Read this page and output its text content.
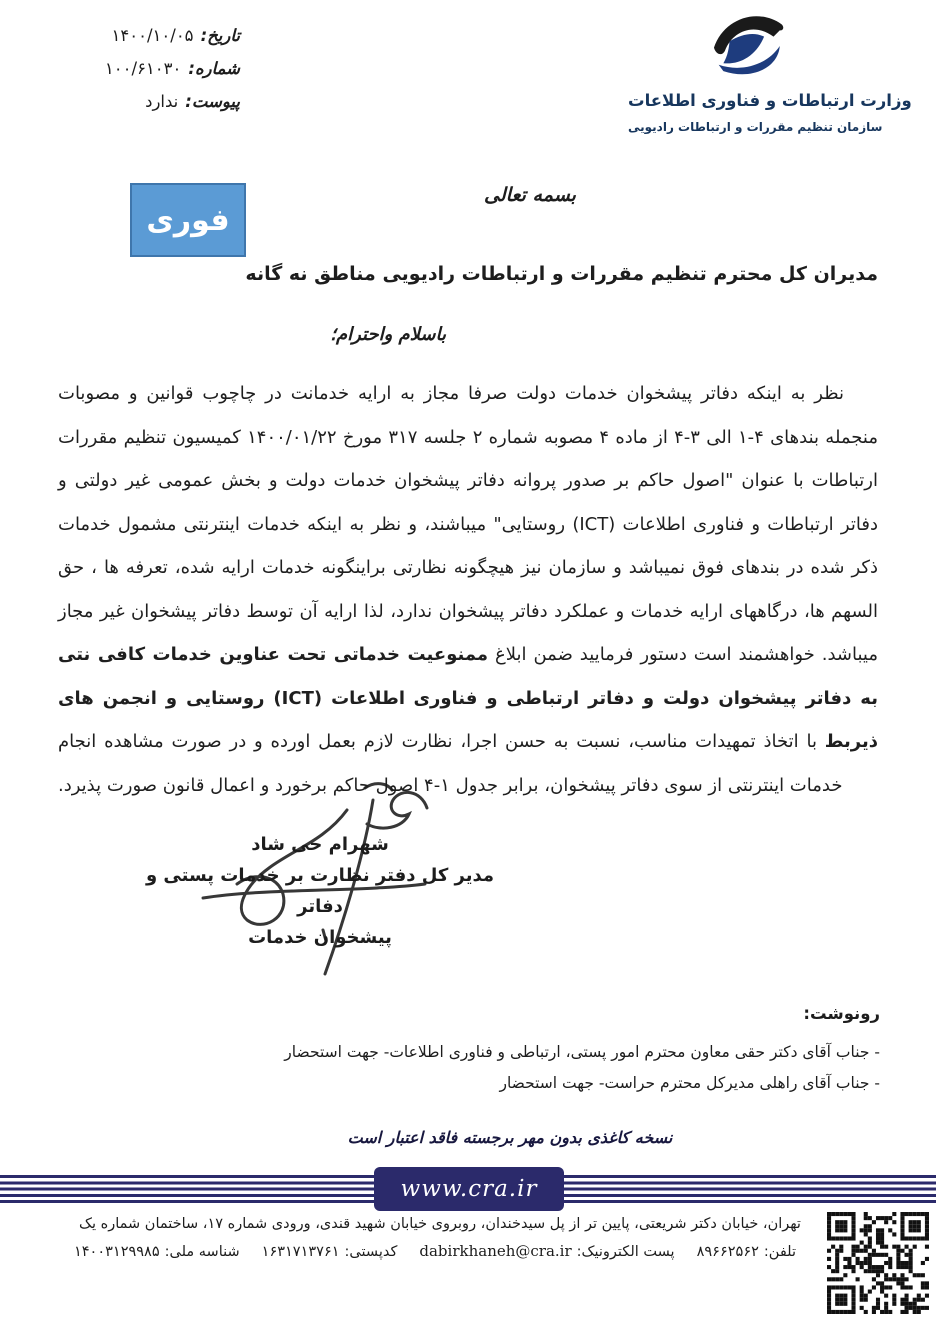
تاریخ:۱۴۰۰/۱۰/۰۵
شماره:۱۰۰/۶۱۰۳۰
پیوست:ندارد	وزارت ارتباطات و فناوری اطلاعات
سازمان تنظیم مقررات و ارتباطات رادیویی
فوری
بسمه تعالی
مدیران کل محترم تنظیم مقررات و ارتباطات رادیویی مناطق نه گانه
باسلام واحترام؛
نظر به اینکه دفاتر پیشخوان خدمات دولت صرفا مجاز به ارایه خدمانت در چاچوب قوانین و مصوبات منجمله بندهای ۴-۱ الی ۳-۴ از ماده ۴ مصوبه شماره ۲ جلسه ۳۱۷ مورخ ۱۴۰۰/۰۱/۲۲ کمیسیون تنظیم مقررات ارتباطات با عنوان "اصول حاکم بر صدور پروانه دفاتر پیشخوان خدمات دولت و بخش عمومی غیر دولتی و دفاتر ارتباطات و فناوری اطلاعات (ICT) روستایی" میباشند، و نظر به اینکه خدمات اینترنتی مشمول خدمات ذکر شده در بندهای فوق نمیباشد و سازمان نیز هیچگونه نظارتی براینگونه خدمات ارایه شده، تعرفه ها ، حق السهم ها، درگاههای ارایه خدمات و عملکرد دفاتر پیشخوان ندارد، لذا ارایه آن توسط دفاتر پیشخوان غیر مجاز میباشد. خواهشمند است دستور فرمایید ضمن ابلاغ ممنوعیت خدماتی تحت عناوین خدمات کافی نتی به دفاتر پیشخوان دولت و دفاتر ارتباطی و فناوری اطلاعات (ICT) روستایی و انجمن های ذیربط با اتخاذ تمهیدات مناسب، نسبت به حسن اجرا، نظارت لازم بعمل اورده و در صورت مشاهده انجام خدمات اینترنتی از سوی دفاتر پیشخوان، برابر جدول ۱-۴ اصول حاکم برخورد و اعمال قانون صورت پذیرد.
شهرام حی شاد
مدیر کل دفتر نظارت بر خدمات پستی و دفاتر
پیشخوان خدمات
رونوشت:
- جناب آقای دکتر حقی معاون محترم امور پستی، ارتباطی و فناوری اطلاعات- جهت استحضار
- جناب آقای راهلی مدیرکل محترم حراست- جهت استحضار
نسخه کاغذی بدون مهر برجسته فاقد اعتبار است
www.cra.ir
تهران، خیابان دکتر شریعتی، پایین تر از پل سیدخندان، روبروی خیابان شهید قندی، ورودی شماره ۱۷، ساختمان شماره یک
تلفن:۸۹۶۶۲۵۶۲پست الکترونیک:dabirkhaneh@cra.irکدپستی:۱۶۳۱۷۱۳۷۶۱شناسه ملی:۱۴۰۰۳۱۲۹۹۸۵
